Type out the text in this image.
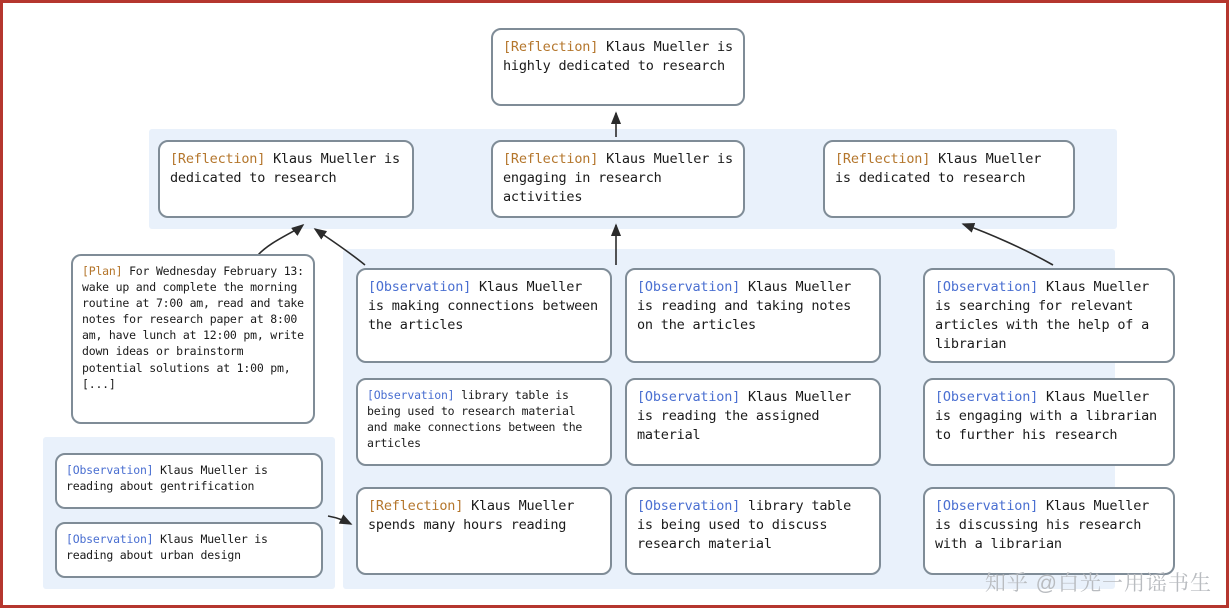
[Reflection] Klaus Mueller is highly dedicated to research
[Reflection] Klaus Mueller is dedicated to research
[Reflection] Klaus Mueller is engaging in research activities
[Reflection] Klaus Mueller is dedicated to research
[Plan] For Wednesday February 13: wake up and complete the morning routine at 7:00 am, read and take notes for research paper at 8:00 am, have lunch at 12:00 pm, write down ideas or brainstorm potential solutions at 1:00 pm, [...]
[Observation] Klaus Mueller is reading about gentrification
[Observation] Klaus Mueller is reading about urban design
[Observation] Klaus Mueller is making connections between the articles
[Observation] library table is being used to research material and make connections between the articles
[Reflection] Klaus Mueller spends many hours reading
[Observation] Klaus Mueller is reading and taking notes on the articles
[Observation] Klaus Mueller is reading the assigned material
[Observation] library table is being used to discuss research material
[Observation] Klaus Mueller is searching for relevant articles with the help of a librarian
[Observation] Klaus Mueller is engaging with a librarian to further his research
[Observation] Klaus Mueller is discussing his research with a librarian
知乎 @白光一用谣书生
